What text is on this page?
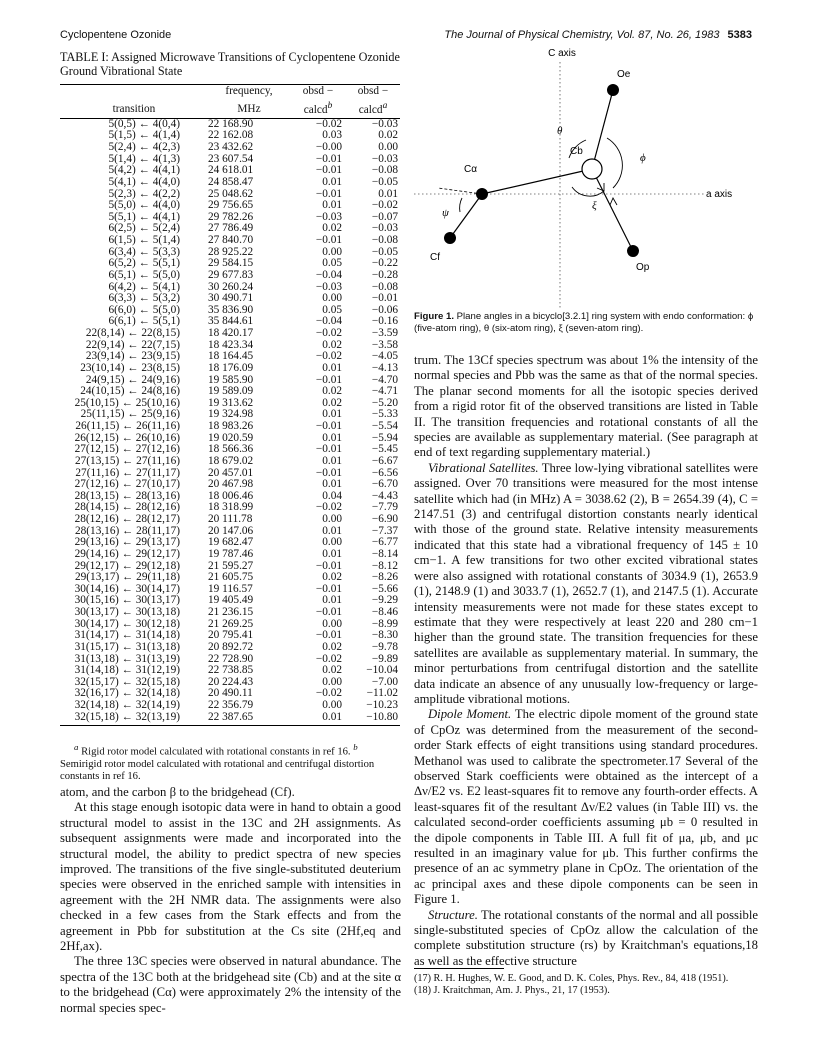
Cyclopentene Ozonide	The Journal of Physical Chemistry, Vol. 87, No. 26, 1983 5383
TABLE I: Assigned Microwave Transitions of Cyclopentene Ozonide Ground Vibrational State
	frequency,	obsd −	obsd −
transition	MHz	calcd$^b$	calcd$^a$
5(0,5) ← 4(0,4)	22 168.90	−0.02	−0.03
5(1,5) ← 4(1,4)	22 162.08	0.03	0.02
5(2,4) ← 4(2,3)	23 432.62	−0.00	0.00
5(1,4) ← 4(1,3)	23 607.54	−0.01	−0.03
5(4,2) ← 4(4,1)	24 618.01	−0.01	−0.08
5(4,1) ← 4(4,0)	24 858.47	0.01	−0.05
5(2,3) ← 4(2,2)	25 048.62	−0.01	0.01
5(5,0) ← 4(4,0)	29 756.65	0.01	−0.02
5(5,1) ← 4(4,1)	29 782.26	−0.03	−0.07
6(2,5) ← 5(2,4)	27 786.49	0.02	−0.03
6(1,5) ← 5(1,4)	27 840.70	−0.01	−0.08
6(3,4) ← 5(3,3)	28 925.22	0.00	−0.05
6(5,2) ← 5(5,1)	29 584.15	0.05	−0.22
6(5,1) ← 5(5,0)	29 677.83	−0.04	−0.28
6(4,2) ← 5(4,1)	30 260.24	−0.03	−0.08
6(3,3) ← 5(3,2)	30 490.71	0.00	−0.01
6(6,0) ← 5(5,0)	35 836.90	0.05	−0.06
6(6,1) ← 5(5,1)	35 844.61	−0.04	−0.16
22(8,14) ← 22(8,15)	18 420.17	−0.02	−3.59
22(9,14) ← 22(7,15)	18 423.34	0.02	−3.58
23(9,14) ← 23(9,15)	18 164.45	−0.02	−4.05
23(10,14) ← 23(8,15)	18 176.09	0.01	−4.13
24(9,15) ← 24(9,16)	19 585.90	−0.01	−4.70
24(10,15) ← 24(8,16)	19 589.09	0.02	−4.71
25(10,15) ← 25(10,16)	19 313.62	0.02	−5.20
25(11,15) ← 25(9,16)	19 324.98	0.01	−5.33
26(11,15) ← 26(11,16)	18 983.26	−0.01	−5.54
26(12,15) ← 26(10,16)	19 020.59	0.01	−5.94
27(12,15) ← 27(12,16)	18 566.36	−0.01	−5.45
27(13,15) ← 27(11,16)	18 679.02	0.01	−6.67
27(11,16) ← 27(11,17)	20 457.01	−0.01	−6.56
27(12,16) ← 27(10,17)	20 467.98	0.01	−6.70
28(13,15) ← 28(13,16)	18 006.46	0.04	−4.43
28(14,15) ← 28(12,16)	18 318.99	−0.02	−7.79
28(12,16) ← 28(12,17)	20 111.78	0.00	−6.90
28(13,16) ← 28(11,17)	20 147.06	0.01	−7.37
29(13,16) ← 29(13,17)	19 682.47	0.00	−6.77
29(14,16) ← 29(12,17)	19 787.46	0.01	−8.14
29(12,17) ← 29(12,18)	21 595.27	−0.01	−8.12
29(13,17) ← 29(11,18)	21 605.75	0.02	−8.26
30(14,16) ← 30(14,17)	19 116.57	−0.01	−5.66
30(15,16) ← 30(13,17)	19 405.49	0.01	−9.29
30(13,17) ← 30(13,18)	21 236.15	−0.01	−8.46
30(14,17) ← 30(12,18)	21 269.25	0.00	−8.99
31(14,17) ← 31(14,18)	20 795.41	−0.01	−8.30
31(15,17) ← 31(13,18)	20 892.72	0.02	−9.78
31(13,18) ← 31(13,19)	22 728.90	−0.02	−9.89
31(14,18) ← 31(12,19)	22 738.85	0.02	−10.04
32(15,17) ← 32(15,18)	20 224.43	0.00	−7.00
32(16,17) ← 32(14,18)	20 490.11	−0.02	−11.02
32(14,18) ← 32(14,19)	22 356.79	0.00	−10.23
32(15,18) ← 32(13,19)	22 387.65	0.01	−10.80
$^a$ Rigid rotor model calculated with rotational constants in ref 16. $^b$ Semirigid rotor model calculated with rotational and centrifugal distortion constants in ref 16.

atom, and the carbon β to the bridgehead (Cf).

At this stage enough isotopic data were in hand to obtain a good structural model to assist in the 13C and 2H assignments. As subsequent assignments were made and incorporated into the structural model, the ability to predict spectra of new species improved. The transitions of the five single-substituted deuterium species were observed in the enriched sample with intensities in agreement with the 2H NMR data. The assignments were also checked in a few cases from the Stark effects and from the agreement in Pbb for substitution at the Cs site (2Hf,eq and 2Hf,ax).

The three 13C species were observed in natural abundance. The spectra of the 13C both at the bridgehead site (Cb) and at the site α to the bridgehead (Cα) were approximately 2% the intensity of the normal species spec-

C axis
a axis
Oe
Op
Cb
Cα
Cf
θ
ϕ
ψ
ξ
Figure 1. Plane angles in a bicyclo[3.2.1] ring system with endo conformation: ϕ (five-atom ring), θ (six-atom ring), ξ (seven-atom ring).

trum. The 13Cf species spectrum was about 1% the intensity of the normal species and Pbb was the same as that of the normal species. The planar second moments for all the isotopic species derived from a rigid rotor fit of the observed transitions are listed in Table II. The transition frequencies and rotational constants of all the species are available as supplementary material. (See paragraph at end of text regarding supplementary material.)

Vibrational Satellites. Three low-lying vibrational satellites were assigned. Over 70 transitions were measured for the most intense satellite which had (in MHz) A = 3038.62 (2), B = 2654.39 (4), C = 2147.51 (3) and centrifugal distortion constants nearly identical with those of the ground state. Relative intensity measurements indicated that this state had a vibrational frequency of 145 ± 10 cm−1. A few transitions for two other excited vibrational states were also assigned with rotational constants of 3034.9 (1), 2653.9 (1), 2148.9 (1) and 3033.7 (1), 2652.7 (1), and 2147.5 (1). Accurate intensity measurements were not made for these states except to estimate that they were respectively at least 220 and 280 cm−1 higher than the ground state. The transition frequencies for these satellites are available as supplementary material. In summary, the minor perturbations from centrifugal distortion and the satellite data indicate an absence of any unusually low-frequency or large-amplitude vibrational motions.

Dipole Moment. The electric dipole moment of the ground state of CpOz was determined from the measurement of the second-order Stark effects of eight transitions using standard procedures. Methanol was used to calibrate the spectrometer.17 Several of the observed Stark coefficients were obtained as the intercept of a Δν/E2 vs. E2 least-squares fit to remove any fourth-order effects. A least-squares fit of the resultant Δν/E2 values (in Table III) vs. the calculated second-order coefficients assuming μb = 0 resulted in the dipole components in Table III. A full fit of μa, μb, and μc resulted in an imaginary value for μb. This further confirms the presence of an ac symmetry plane in CpOz. The orientation of the ac principal axes and these dipole components can be seen in Figure 1.

Structure. The rotational constants of the normal and all possible single-substituted species of CpOz allow the calculation of the complete substitution structure (rs) by Kraitchman's equations,18 as well as the effective structure

(17) R. H. Hughes, W. E. Good, and D. K. Coles, Phys. Rev., 84, 418 (1951).
(18) J. Kraitchman, Am. J. Phys., 21, 17 (1953).
